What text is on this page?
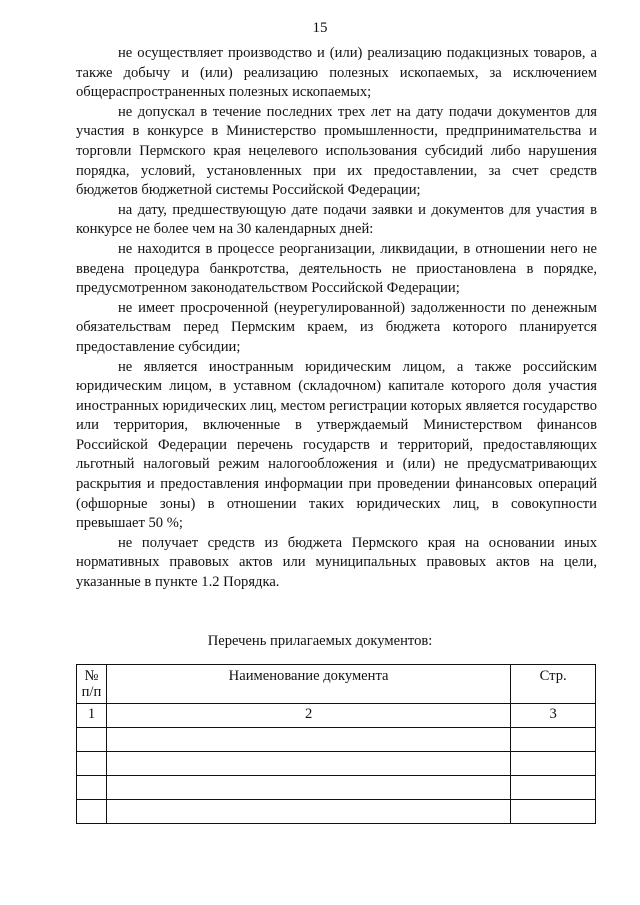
15

не осуществляет производство и (или) реализацию подакцизных товаров, а также добычу и (или) реализацию полезных ископаемых, за исключением общераспространенных полезных ископаемых;

не допускал в течение последних трех лет на дату подачи документов для участия в конкурсе в Министерство промышленности, предпринимательства и торговли Пермского края нецелевого использования субсидий либо нарушения порядка, условий, установленных при их предоставлении, за счет средств бюджетов бюджетной системы Российской Федерации;

на дату, предшествующую дате подачи заявки и документов для участия в конкурсе не более чем на 30 календарных дней:

не находится в процессе реорганизации, ликвидации, в отношении него не введена процедура банкротства, деятельность не приостановлена в порядке, предусмотренном законодательством Российской Федерации;

не имеет просроченной (неурегулированной) задолженности по денежным обязательствам перед Пермским краем, из бюджета которого планируется предоставление субсидии;

не является иностранным юридическим лицом, а также российским юридическим лицом, в уставном (складочном) капитале которого доля участия иностранных юридических лиц, местом регистрации которых является государство или территория, включенные в утверждаемый Министерством финансов Российской Федерации перечень государств и территорий, предоставляющих льготный налоговый режим налогообложения и (или) не предусматривающих раскрытия и предоставления информации при проведении финансовых операций (офшорные зоны) в отношении таких юридических лиц, в совокупности превышает 50 %;

не получает средств из бюджета Пермского края на основании иных нормативных правовых актов или муниципальных правовых актов на цели, указанные в пункте 1.2 Порядка.

Перечень прилагаемых документов:
№ п/п	Наименование документа	Стр.
1	2	3
